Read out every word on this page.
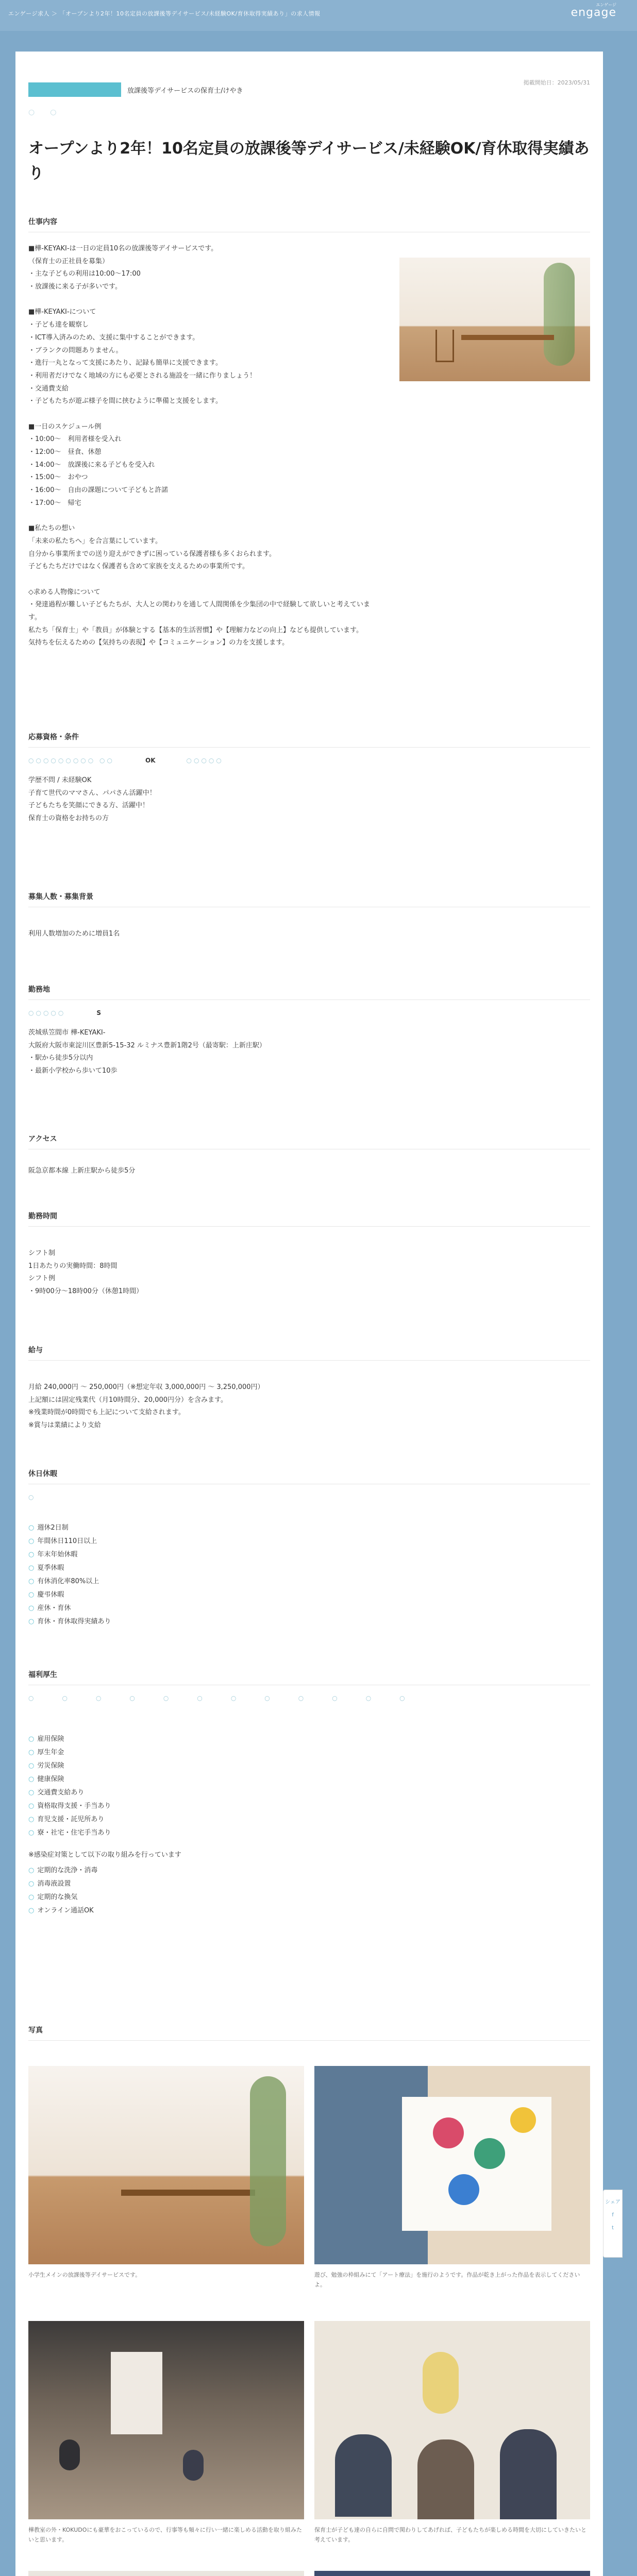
エンゲージ求人 ＞ 「オープンより2年！10名定員の放課後等デイサービス/未経験OK/育休取得実績あり」の求人情報
エンゲージ
engage
放課後等デイサービスの保育士/けやき
掲載開始日：2023/05/31
○○
オープンより2年！10名定員の放課後等デイサービス/未経験OK/育休取得実績あり
仕事内容
■樺-KEYAKI-は一日の定員10名の放課後等デイサービスです。
（保育士の正社員を募集）
・主な子どもの利用は10:00〜17:00
・放課後に来る子が多いです。

■樺-KEYAKI-について
・子ども達を観察し
・ICT導入済みのため、支援に集中することができます。
・ブランクの問題ありません。
・進行一丸となって支援にあたり、記録も簡単に支援できます。
・利用者だけでなく地域の方にも必要とされる施設を一緒に作りましょう！
・交通費支給
・子どもたちが遊ぶ様子を間に挟むように準備と支援をします。

■一日のスケジュール例
・10:00〜　利用者様を受入れ
・12:00〜　昼食、休憩
・14:00〜　放課後に来る子どもを受入れ
・15:00〜　おやつ
・16:00〜　自由の課題について子どもと許諾
・17:00〜　帰宅

■私たちの想い
「未来の私たちへ」を合言葉にしています。
自分から事業所までの送り迎えができずに困っている保護者様も多くおられます。
子どもたちだけではなく保護者も含めて家族を支えるための事業所です。

◇求める人物像について
・発達過程が難しい子どもたちが、大人との関わりを通して人間関係を少集団の中で経験して欲しいと考えています。
私たち「保育士」や「教員」が体験とする【基本的生活習慣】や【理解力などの向上】なども提供しています。
気持ちを伝えるための【気持ちの表現】や【コミュニケーション】の力を支援します。
応募資格・条件
○○○○○○○○○ ○○	OK	○○○○○
学歴不問 / 未経験OK
子育て世代のママさん、パパさん活躍中！
子どもたちを笑顔にできる方、活躍中！
保育士の資格をお持ちの方
募集人数・募集背景
利用人数増加のために増員1名
勤務地
○○○○○	S
茨城県笠間市 樺-KEYAKI-
大阪府大阪市東淀川区豊新5-15-32 ルミナス豊新1階2号（最寄駅：上新庄駅）
・駅から徒歩5分以内
・最新小学校から歩いて10歩
アクセス
阪急京都本線 上新庄駅から徒歩5分
勤務時間
シフト制
1日あたりの実働時間：8時間
シフト例
・9時00分〜18時00分（休憩1時間）
給与
月給 240,000円 〜 250,000円（※想定年収 3,000,000円 〜 3,250,000円）
上記額には固定残業代（月10時間分、20,000円分）を含みます。
※残業時間が0時間でも上記について支給されます。
※賞与は業績により支給
休日休暇
○
○ 週休2日制
○ 年間休日110日以上
○ 年末年始休暇
○ 夏季休暇
○ 有休消化率80%以上
○ 慶弔休暇
○ 産休・育休
○ 育休・育休取得実績あり
福利厚生
○○○○○○○○○○○○
○ 雇用保険
○ 厚生年金
○ 労災保険
○ 健康保険
○ 交通費支給あり
○ 資格取得支援・手当あり
○ 育児支援・託児所あり
○ 寮・社宅・住宅手当あり
※感染症対策として以下の取り組みを行っています
○ 定期的な洗浄・消毒
○ 消毒液設置
○ 定期的な換気
○ オンライン通話OK
写真
小学生メインの放課後等デイサービスです。	遊び、勉強の枠組みにて「アート療法」を施行のようです。作品が乾き上がった作品を表示してくださいよ。
樺教室の外・KOKUDOにも豪華をおこっているので、行事等も頻々に行い一緒に楽しめる活動を取り組みたいと思います。
保育士が子ども達の自らに自問で関わりしてあげれば、子どもたちが楽しめる時間を大切にしていきたいと考えています。
シェア
f
t
